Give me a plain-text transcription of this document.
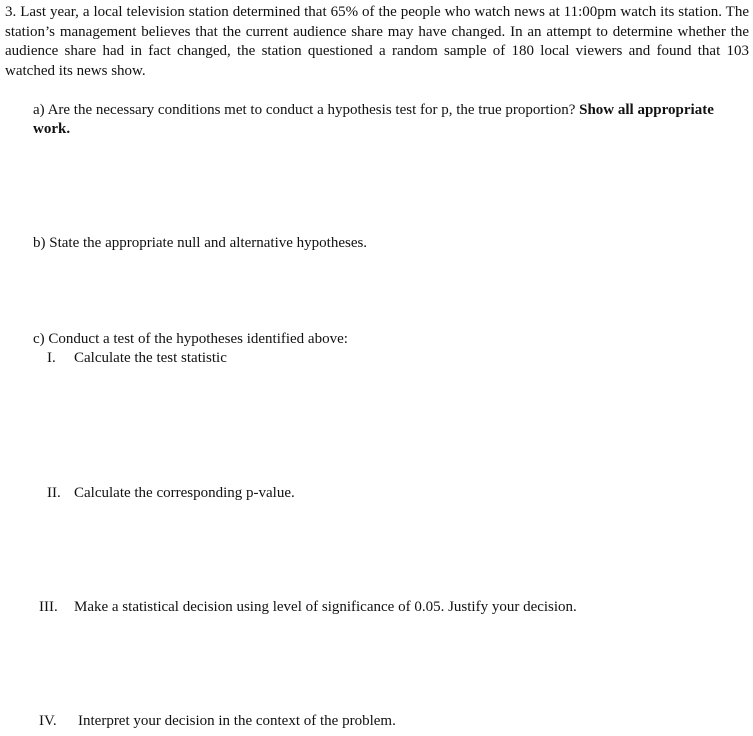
3. Last year, a local television station determined that 65% of the people who watch news at 11:00pm watch its station. The station’s management believes that the current audience share may have changed. In an attempt to determine whether the audience share had in fact changed, the station questioned a random sample of 180 local viewers and found that 103 watched its news show.

a) Are the necessary conditions met to conduct a hypothesis test for p, the true proportion? Show all appropriate work.

b) State the appropriate null and alternative hypotheses.

c) Conduct a test of the hypotheses identified above:

I. Calculate the test statistic

II. Calculate the corresponding p-value.

III. Make a statistical decision using level of significance of 0.05. Justify your decision.

IV. Interpret your decision in the context of the problem.
